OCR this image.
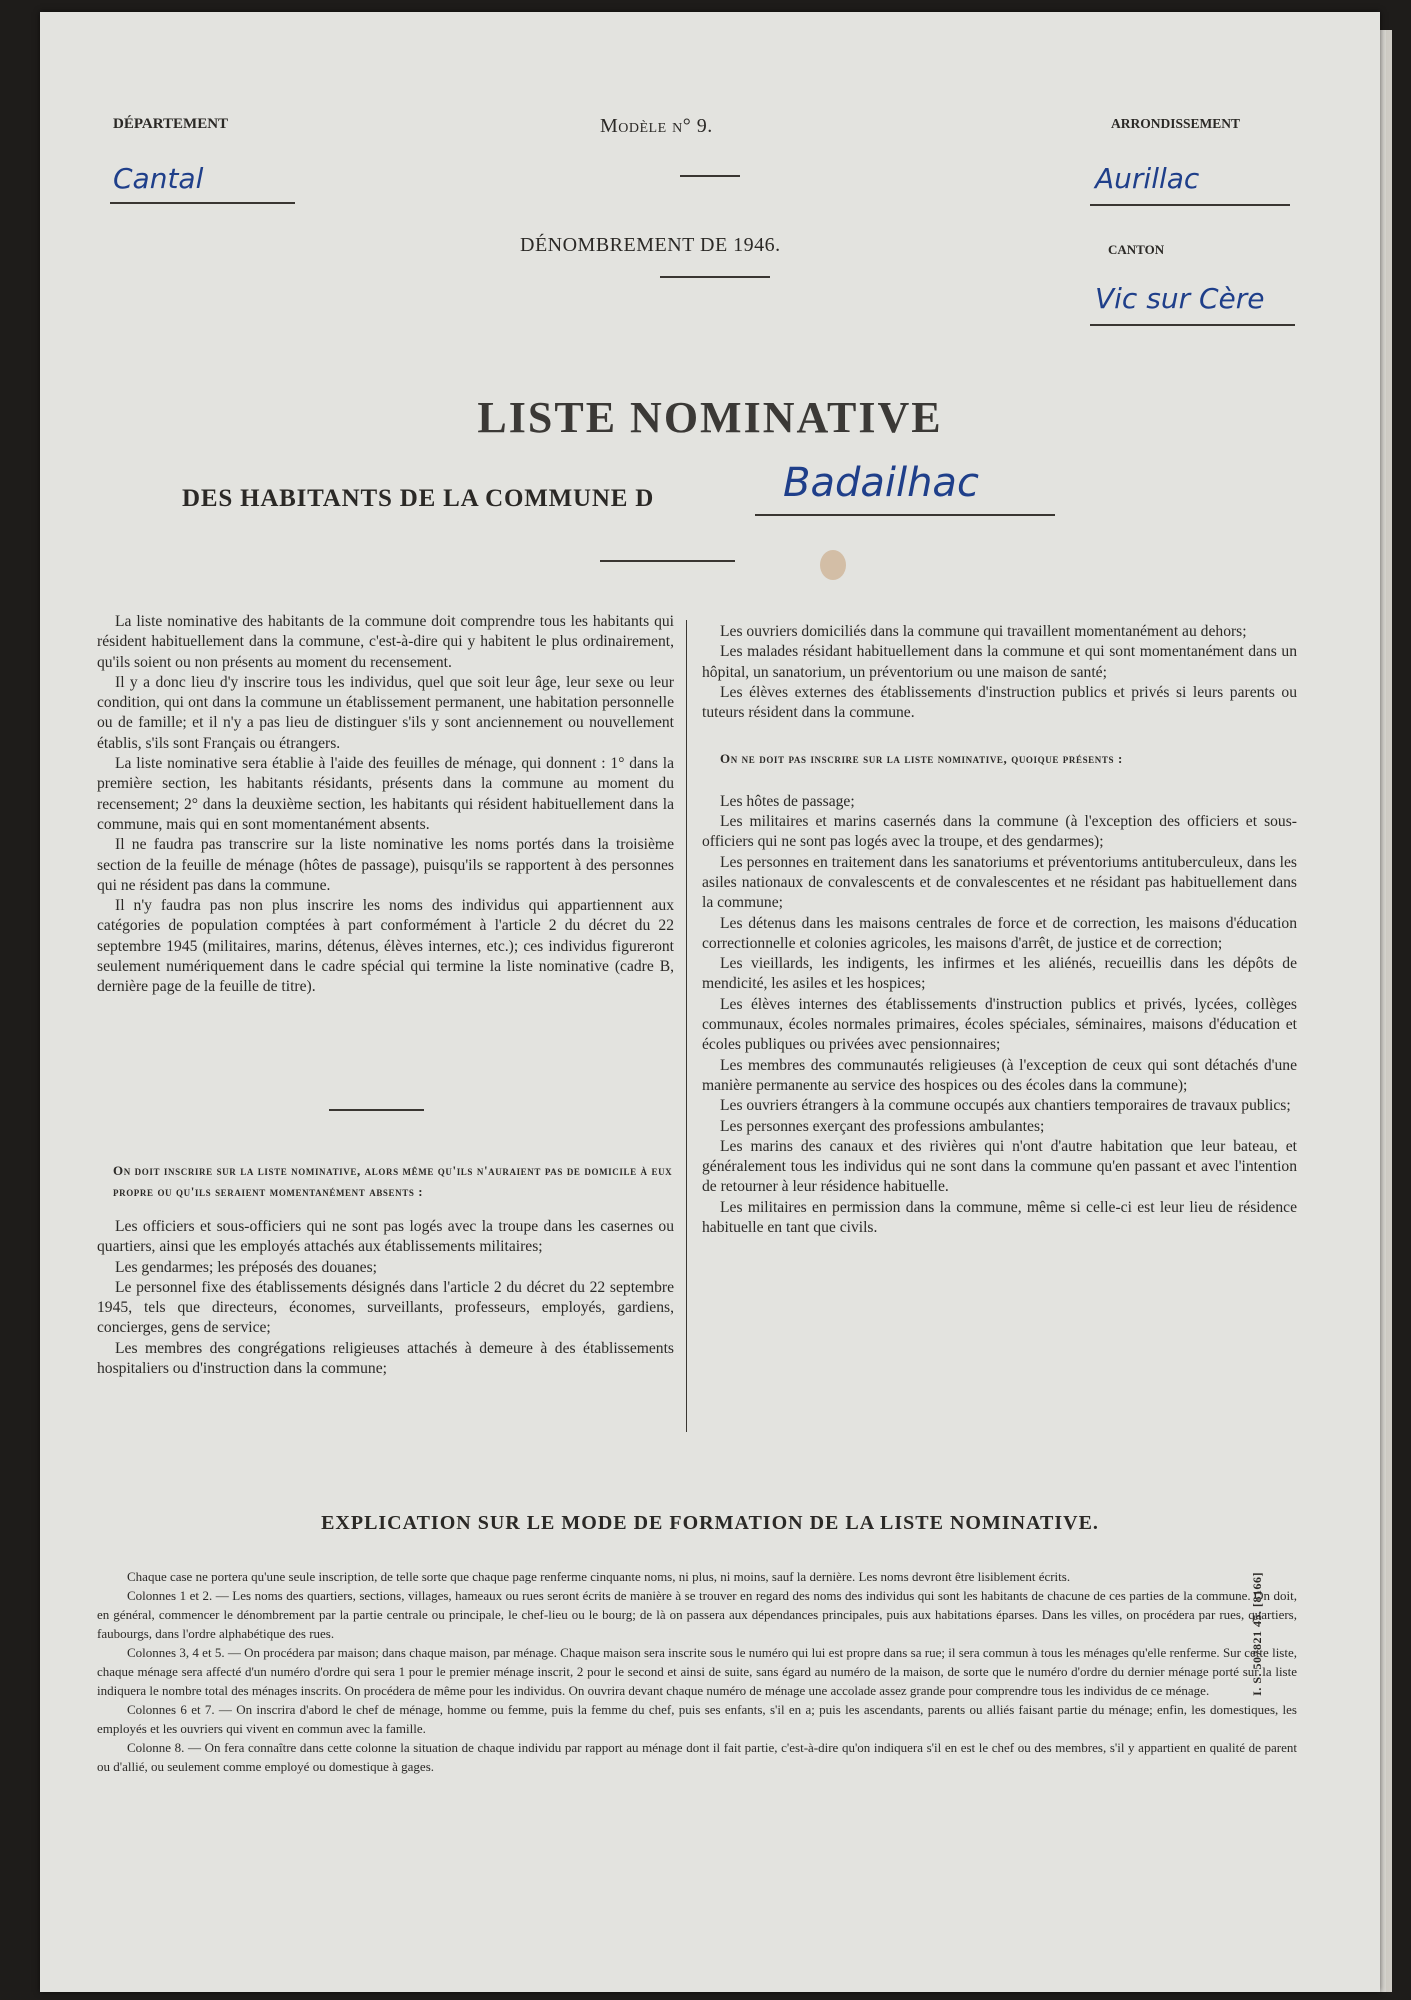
DÉPARTEMENT
Cantal
Modèle n° 9.	ARRONDISSEMENT
Aurillac
DÉNOMBREMENT DE 1946.	CANTON
Vic sur Cère
LISTE NOMINATIVE
DES HABITANTS DE LA COMMUNE D	Badailhac

La liste nominative des habitants de la commune doit comprendre tous les habitants qui résident habituellement dans la commune, c'est-à-dire qui y habitent le plus ordinairement, qu'ils soient ou non présents au moment du recensement.

Il y a donc lieu d'y inscrire tous les individus, quel que soit leur âge, leur sexe ou leur condition, qui ont dans la commune un établissement permanent, une habitation personnelle ou de famille; et il n'y a pas lieu de distinguer s'ils y sont anciennement ou nouvellement établis, s'ils sont Français ou étrangers.

La liste nominative sera établie à l'aide des feuilles de ménage, qui donnent : 1° dans la première section, les habitants résidants, présents dans la commune au moment du recensement; 2° dans la deuxième section, les habitants qui résident habituellement dans la commune, mais qui en sont momentanément absents.

Il ne faudra pas transcrire sur la liste nominative les noms portés dans la troisième section de la feuille de ménage (hôtes de passage), puisqu'ils se rapportent à des personnes qui ne résident pas dans la commune.

Il n'y faudra pas non plus inscrire les noms des individus qui appartiennent aux catégories de population comptées à part conformément à l'article 2 du décret du 22 septembre 1945 (militaires, marins, détenus, élèves internes, etc.); ces individus figureront seulement numériquement dans le cadre spécial qui termine la liste nominative (cadre B, dernière page de la feuille de titre).

On doit inscrire sur la liste nominative, alors même qu'ils n'auraient pas de domicile à eux propre ou qu'ils seraient momentanément absents :

Les officiers et sous-officiers qui ne sont pas logés avec la troupe dans les casernes ou quartiers, ainsi que les employés attachés aux établissements militaires;

Les gendarmes; les préposés des douanes;

Le personnel fixe des établissements désignés dans l'article 2 du décret du 22 septembre 1945, tels que directeurs, économes, surveillants, professeurs, employés, gardiens, concierges, gens de service;

Les membres des congrégations religieuses attachés à demeure à des établissements hospitaliers ou d'instruction dans la commune;

Les ouvriers domiciliés dans la commune qui travaillent momentanément au dehors;

Les malades résidant habituellement dans la commune et qui sont momentanément dans un hôpital, un sanatorium, un préventorium ou une maison de santé;

Les élèves externes des établissements d'instruction publics et privés si leurs parents ou tuteurs résident dans la commune.

On ne doit pas inscrire sur la liste nominative, quoique présents :

Les hôtes de passage;

Les militaires et marins casernés dans la commune (à l'exception des officiers et sous-officiers qui ne sont pas logés avec la troupe, et des gendarmes);

Les personnes en traitement dans les sanatoriums et préventoriums antituberculeux, dans les asiles nationaux de convalescents et de convalescentes et ne résidant pas habituellement dans la commune;

Les détenus dans les maisons centrales de force et de correction, les maisons d'éducation correctionnelle et colonies agricoles, les maisons d'arrêt, de justice et de correction;

Les vieillards, les indigents, les infirmes et les aliénés, recueillis dans les dépôts de mendicité, les asiles et les hospices;

Les élèves internes des établissements d'instruction publics et privés, lycées, collèges communaux, écoles normales primaires, écoles spéciales, séminaires, maisons d'éducation et écoles publiques ou privées avec pensionnaires;

Les membres des communautés religieuses (à l'exception de ceux qui sont détachés d'une manière permanente au service des hospices ou des écoles dans la commune);

Les ouvriers étrangers à la commune occupés aux chantiers temporaires de travaux publics;

Les personnes exerçant des professions ambulantes;

Les marins des canaux et des rivières qui n'ont d'autre habitation que leur bateau, et généralement tous les individus qui ne sont dans la commune qu'en passant et avec l'intention de retourner à leur résidence habituelle.

Les militaires en permission dans la commune, même si celle-ci est leur lieu de résidence habituelle en tant que civils.

EXPLICATION SUR LE MODE DE FORMATION DE LA LISTE NOMINATIVE.

Chaque case ne portera qu'une seule inscription, de telle sorte que chaque page renferme cinquante noms, ni plus, ni moins, sauf la dernière. Les noms devront être lisiblement écrits.

Colonnes 1 et 2. — Les noms des quartiers, sections, villages, hameaux ou rues seront écrits de manière à se trouver en regard des noms des individus qui sont les habitants de chacune de ces parties de la commune. On doit, en général, commencer le dénombrement par la partie centrale ou principale, le chef-lieu ou le bourg; de là on passera aux dépendances principales, puis aux habitations éparses. Dans les villes, on procédera par rues, quartiers, faubourgs, dans l'ordre alphabétique des rues.

Colonnes 3, 4 et 5. — On procédera par maison; dans chaque maison, par ménage. Chaque maison sera inscrite sous le numéro qui lui est propre dans sa rue; il sera commun à tous les ménages qu'elle renferme. Sur cette liste, chaque ménage sera affecté d'un numéro d'ordre qui sera 1 pour le premier ménage inscrit, 2 pour le second et ainsi de suite, sans égard au numéro de la maison, de sorte que le numéro d'ordre du dernier ménage porté sur la liste indiquera le nombre total des ménages inscrits. On procédera de même pour les individus. On ouvrira devant chaque numéro de ménage une accolade assez grande pour comprendre tous les individus de ce ménage.

Colonnes 6 et 7. — On inscrira d'abord le chef de ménage, homme ou femme, puis la femme du chef, puis ses enfants, s'il en a; puis les ascendants, parents ou alliés faisant partie du ménage; enfin, les domestiques, les employés et les ouvriers qui vivent en commun avec la famille.

Colonne 8. — On fera connaître dans cette colonne la situation de chaque individu par rapport au ménage dont il fait partie, c'est-à-dire qu'on indiquera s'il en est le chef ou des membres, s'il y appartient en qualité de parent ou d'allié, ou seulement comme employé ou domestique à gages.

I. S. 507821 45. [8166]
